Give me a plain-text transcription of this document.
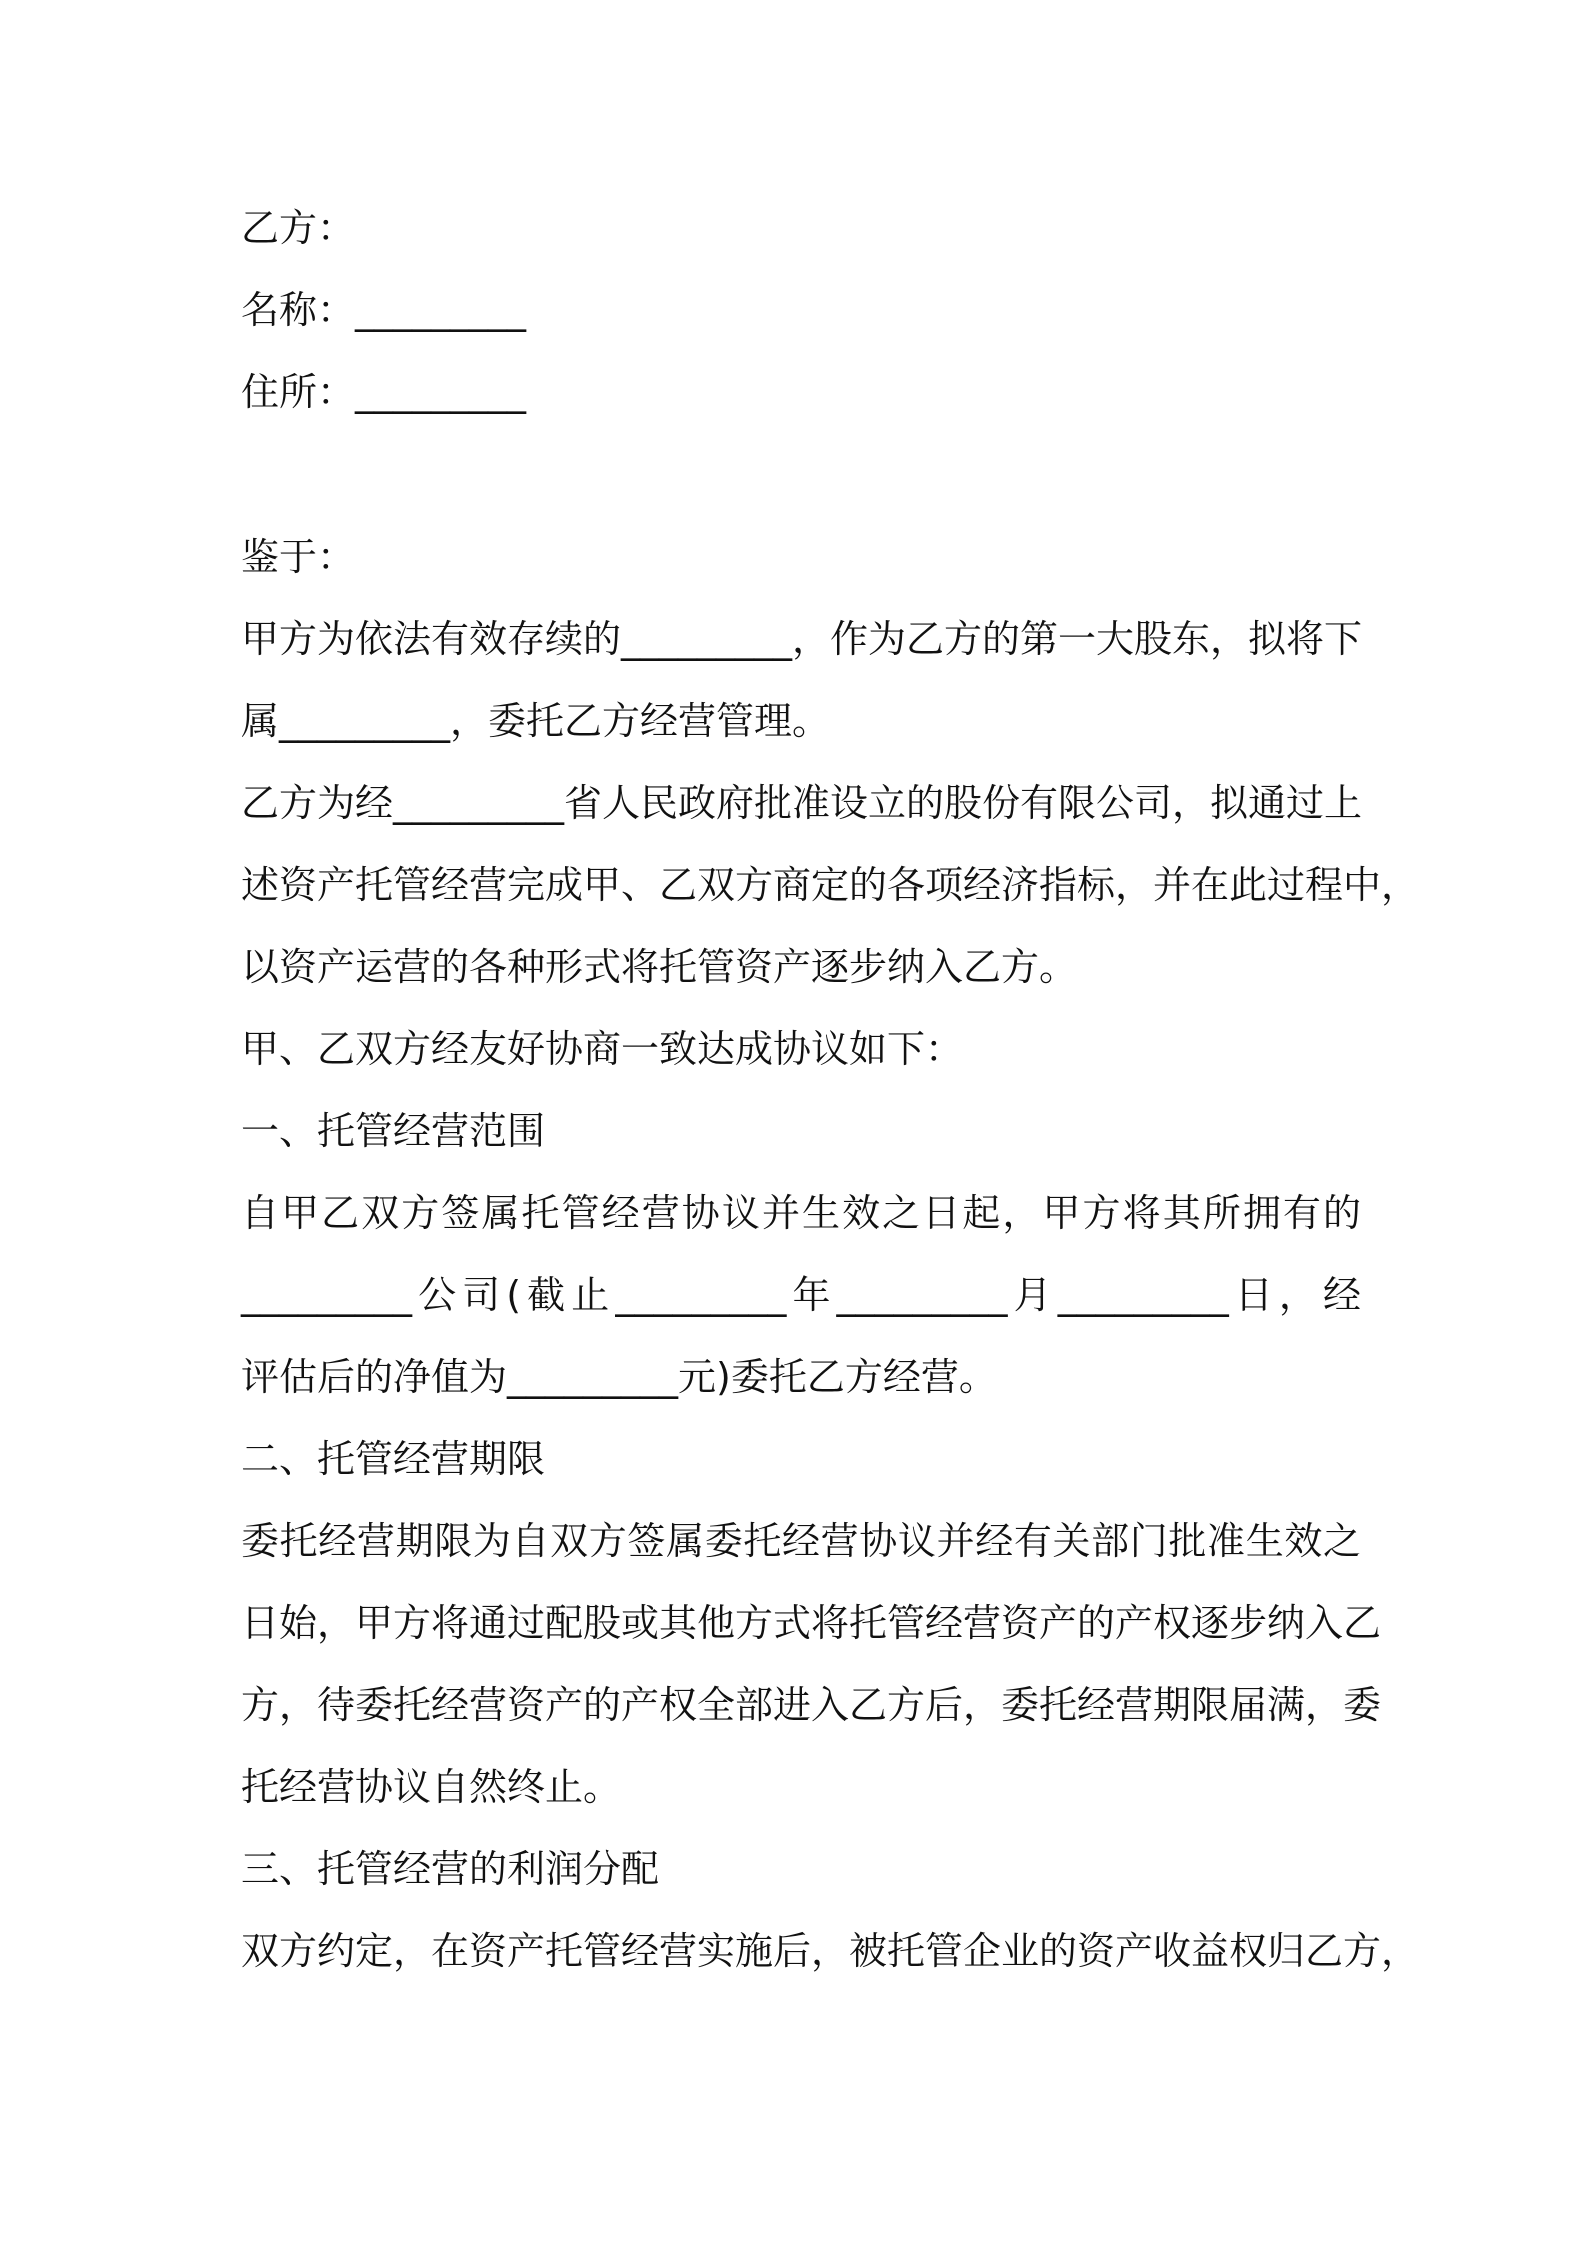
乙方：
名称：_________
住所：_________
鉴于：
甲方为依法有效存续的_________，作为乙方的第一大股东，拟将下
属_________，委托乙方经营管理。
乙方为经_________省人民政府批准设立的股份有限公司，拟通过上
述资产托管经营完成甲、乙双方商定的各项经济指标，并在此过程中，
以资产运营的各种形式将托管资产逐步纳入乙方。
甲、乙双方经友好协商一致达成协议如下：
一、托管经营范围
自甲乙双方签属托管经营协议并生效之日起，甲方将其所拥有的
_________公司(截止_________年_________月_________日，经
评估后的净值为_________元)委托乙方经营。
二、托管经营期限
委托经营期限为自双方签属委托经营协议并经有关部门批准生效之
日始，甲方将通过配股或其他方式将托管经营资产的产权逐步纳入乙
方，待委托经营资产的产权全部进入乙方后，委托经营期限届满，委
托经营协议自然终止。
三、托管经营的利润分配
双方约定，在资产托管经营实施后，被托管企业的资产收益权归乙方，
